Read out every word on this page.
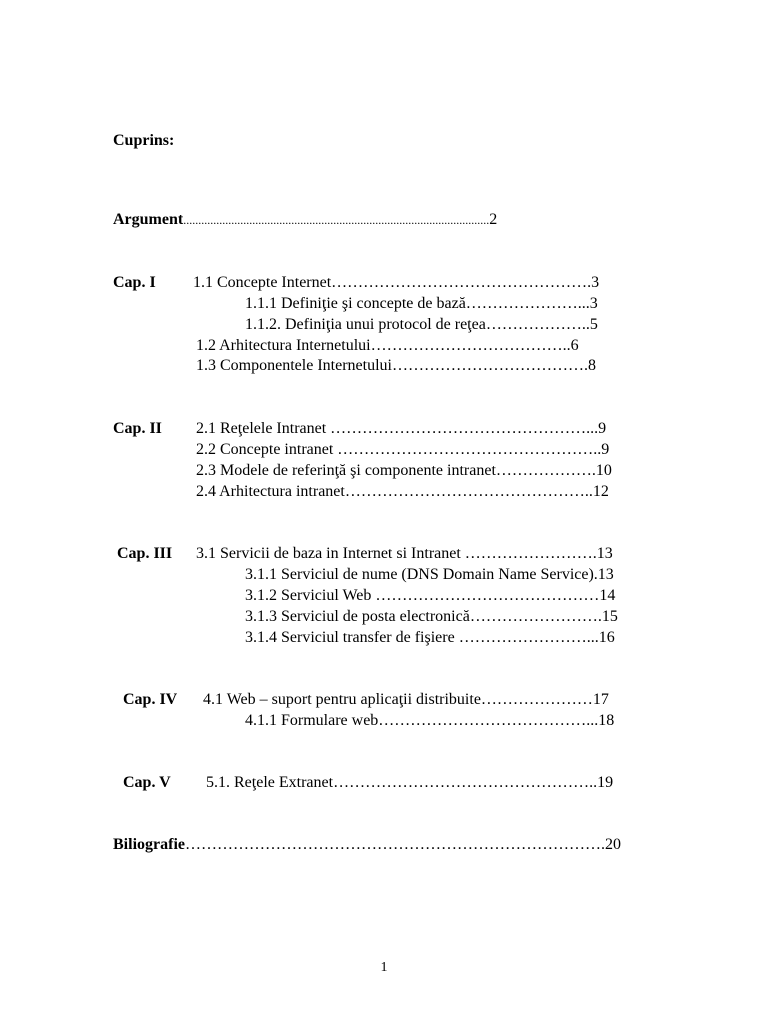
Cuprins:
Argument......................................................................................................2
Cap. I 1.1 Concepte Internet………………………………………….3
1.1.1 Definiţie şi concepte de bază…………………...3
1.1.2. Definiţia unui protocol de reţea………………..5
1.2 Arhitectura Internetului………………………………..6
1.3 Componentele Internetului……………………………….8
Cap. II 2.1 Reţelele Intranet …………………………………………...9
2.2 Concepte intranet …………………………………………..9
2.3 Modele de referinţă şi componente intranet……………….10
2.4 Arhitectura intranet………………………………………..12
Cap. III 3.1 Servicii de baza in Internet si Intranet …………………….13
3.1.1 Serviciul de nume (DNS Domain Name Service).13
3.1.2 Serviciul Web ……………………………………14
3.1.3 Serviciul de posta electronică…………………….15
3.1.4 Serviciul transfer de fişiere ……………………...16
Cap. IV 4.1 Web – suport pentru aplicaţii distribuite…………………17
4.1.1 Formulare web…………………………………...18
Cap. V 5.1. Reţele Extranet…………………………………………..19
Biliografie…………………………………………………………………….20
1
